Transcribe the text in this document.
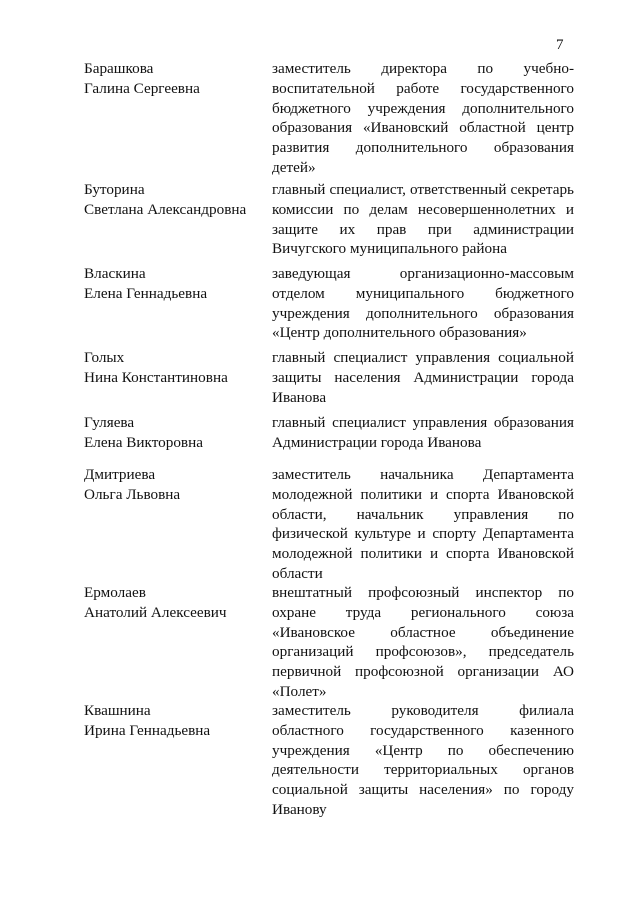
7
Барашкова
Галина Сергеевна
заместитель директора по учебно-
воспитательной работе государственного
бюджетного учреждения дополнительного
образования «Ивановский областной центр
развития дополнительного образования
детей»
Буторина
Светлана Александровна
главный специалист, ответственный секретарь
комиссии по делам несовершеннолетних и
защите их прав при администрации
Вичугского муниципального района
Власкина
Елена Геннадьевна
заведующая организационно-массовым
отделом муниципального бюджетного
учреждения дополнительного образования
«Центр дополнительного образования»
Голых
Нина Константиновна
главный специалист управления социальной
защиты населения Администрации города
Иванова
Гуляева
Елена Викторовна
главный специалист управления образования
Администрации города Иванова
Дмитриева
Ольга Львовна
заместитель начальника Департамента
молодежной политики и спорта Ивановской
области, начальник управления по
физической культуре и спорту Департамента
молодежной политики и спорта Ивановской
области
Ермолаев
Анатолий Алексеевич
внештатный профсоюзный инспектор по
охране труда регионального союза
«Ивановское областное объединение
организаций профсоюзов», председатель
первичной профсоюзной организации АО
«Полет»
Квашнина
Ирина Геннадьевна
заместитель руководителя филиала
областного государственного казенного
учреждения «Центр по обеспечению
деятельности территориальных органов
социальной защиты населения» по городу
Иванову
